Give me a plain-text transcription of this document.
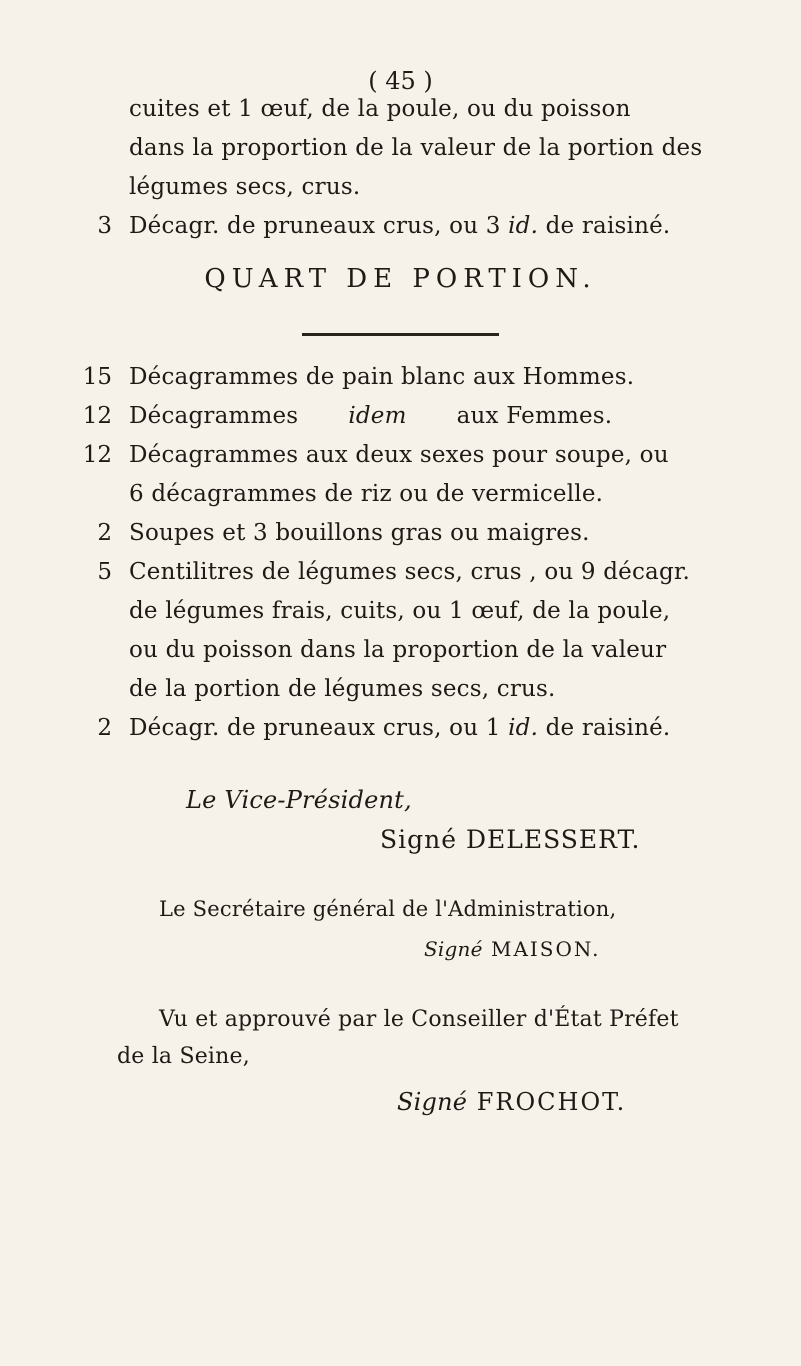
( 45 )
cuites et 1 œuf, de la poule, ou du poisson
dans la proportion de la valeur de la portion des
légumes secs, crus.
3 Décagr. de pruneaux crus, ou 3 id. de raisiné.
QUART DE PORTION.
15 Décagrammes de pain blanc aux Hommes.
12 Décagrammes idem aux Femmes.
12 Décagrammes aux deux sexes pour soupe, ou
6 décagrammes de riz ou de vermicelle.
2 Soupes et 3 bouillons gras ou maigres.
5 Centilitres de légumes secs, crus , ou 9 décagr.
de légumes frais, cuits, ou 1 œuf, de la poule,
ou du poisson dans la proportion de la valeur
de la portion de légumes secs, crus.
2 Décagr. de pruneaux crus, ou 1 id. de raisiné.
Le Vice-Président,
Signé DELESSERT.
Le Secrétaire général de l'Administration,
Signé MAISON.
Vu et approuvé par le Conseiller d'État Préfet
de la Seine,
Signé FROCHOT.
